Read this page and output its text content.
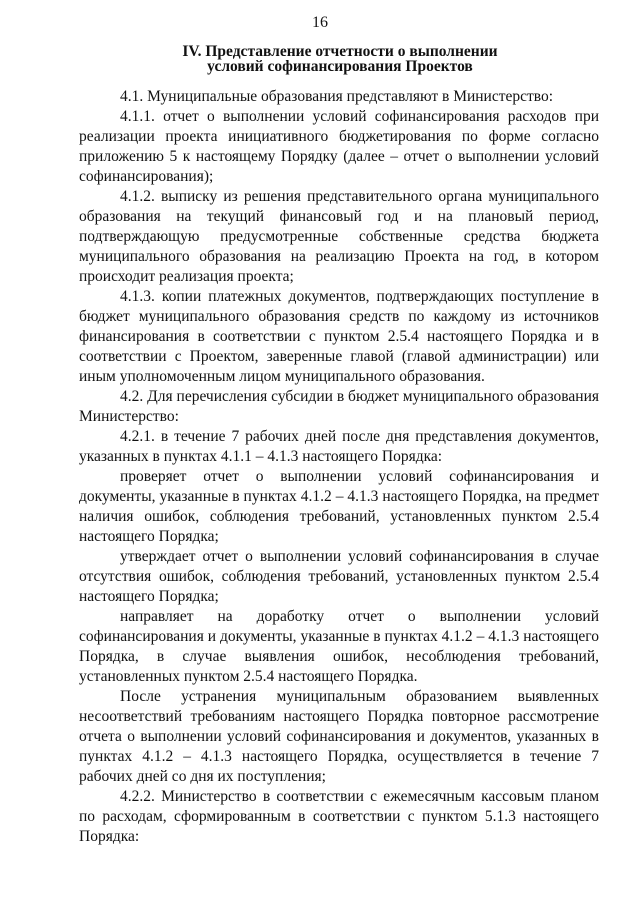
16
IV. Представление отчетности о выполнении
условий софинансирования Проектов

4.1. Муниципальные образования представляют в Министерство:

4.1.1. отчет о выполнении условий софинансирования расходов при реализации проекта инициативного бюджетирования по форме согласно приложению 5 к настоящему Порядку (далее – отчет о выполнении условий софинансирования);

4.1.2. выписку из решения представительного органа муниципального образования на текущий финансовый год и на плановый период, подтверждающую предусмотренные собственные средства бюджета муниципального образования на реализацию Проекта на год, в котором происходит реализация проекта;

4.1.3. копии платежных документов, подтверждающих поступление в бюджет муниципального образования средств по каждому из источников финансирования в соответствии с пунктом 2.5.4 настоящего Порядка и в соответствии с Проектом, заверенные главой (главой администрации) или иным уполномоченным лицом муниципального образования.

4.2. Для перечисления субсидии в бюджет муниципального образования Министерство:

4.2.1. в течение 7 рабочих дней после дня представления документов, указанных в пунктах 4.1.1 – 4.1.3 настоящего Порядка:

проверяет отчет о выполнении условий софинансирования и документы, указанные в пунктах 4.1.2 – 4.1.3 настоящего Порядка, на предмет наличия ошибок, соблюдения требований, установленных пунктом 2.5.4 настоящего Порядка;

утверждает отчет о выполнении условий софинансирования в случае отсутствия ошибок, соблюдения требований, установленных пунктом 2.5.4 настоящего Порядка;

направляет на доработку отчет о выполнении условий софинансирования и документы, указанные в пунктах 4.1.2 – 4.1.3 настоящего Порядка, в случае выявления ошибок, несоблюдения требований, установленных пунктом 2.5.4 настоящего Порядка.

После устранения муниципальным образованием выявленных несоответствий требованиям настоящего Порядка повторное рассмотрение отчета о выполнении условий софинансирования и документов, указанных в пунктах 4.1.2 – 4.1.3 настоящего Порядка, осуществляется в течение 7 рабочих дней со дня их поступления;

4.2.2. Министерство в соответствии с ежемесячным кассовым планом по расходам, сформированным в соответствии с пунктом 5.1.3 настоящего Порядка:
